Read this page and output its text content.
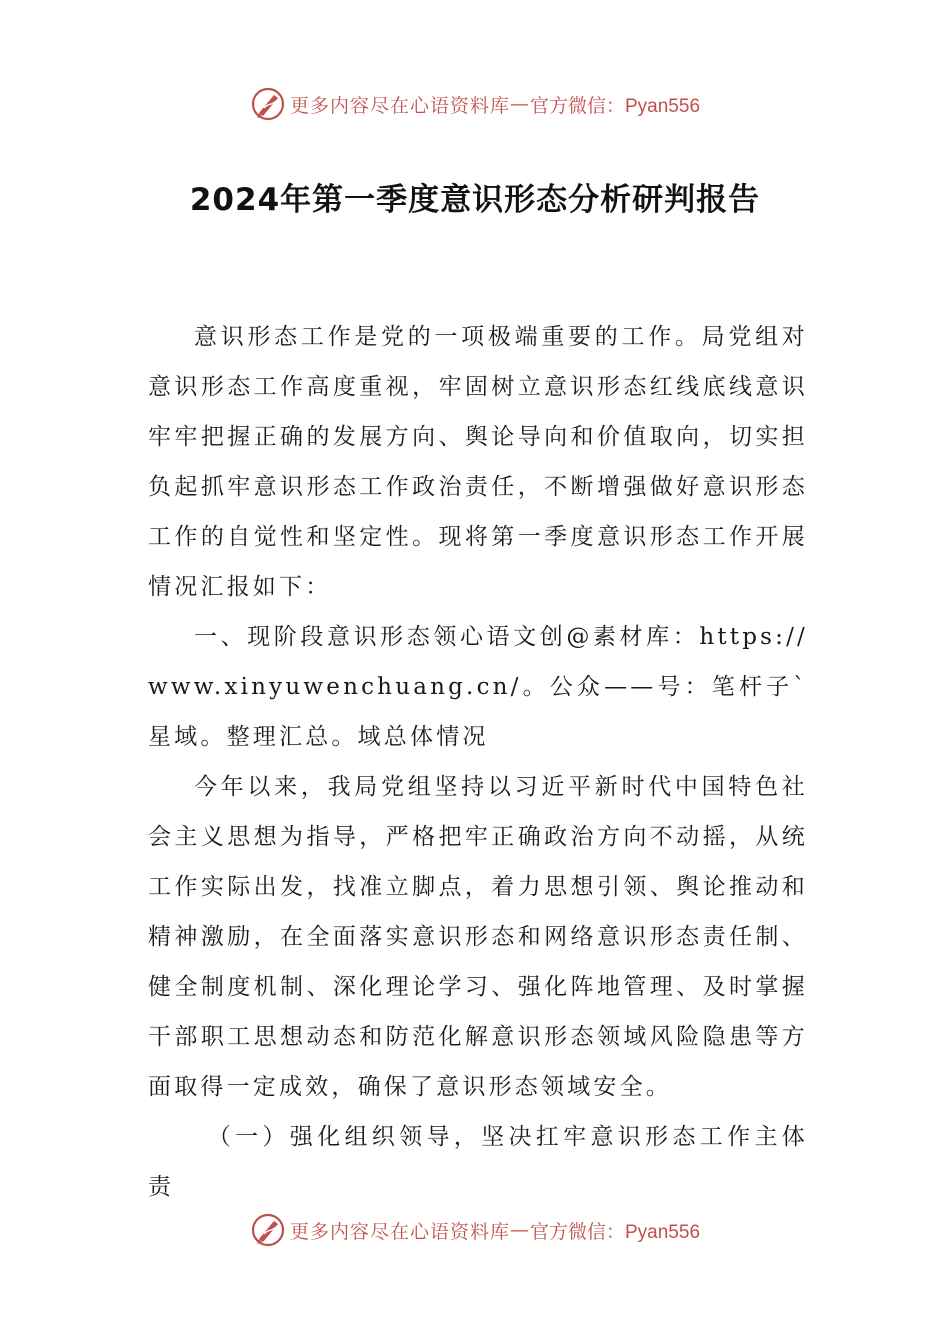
更多内容尽在心语资料库 — 官方微信：Pyan556
2024年第一季度意识形态分析研判报告

意识形态工作是党的一项极端重要的工作。局党组对意识形态工作高度重视，牢固树立意识形态红线底线意识牢牢把握正确的发展方向、舆论导向和价值取向，切实担负起抓牢意识形态工作政治责任，不断增强做好意识形态工作的自觉性和坚定性。现将第一季度意识形态工作开展情况汇报如下：

一、现阶段意识形态领心语文创@素材库：https://www.xinyuwenchuang.cn/。公众——号：笔杆子`星域。整理汇总。域总体情况

今年以来，我局党组坚持以习近平新时代中国特色社会主义思想为指导，严格把牢正确政治方向不动摇，从统工作实际出发，找准立脚点，着力思想引领、舆论推动和精神激励，在全面落实意识形态和网络意识形态责任制、健全制度机制、深化理论学习、强化阵地管理、及时掌握干部职工思想动态和防范化解意识形态领域风险隐患等方面取得一定成效，确保了意识形态领域安全。

（一）强化组织领导，坚决扛牢意识形态工作主体责

更多内容尽在心语资料库 — 官方微信：Pyan556
